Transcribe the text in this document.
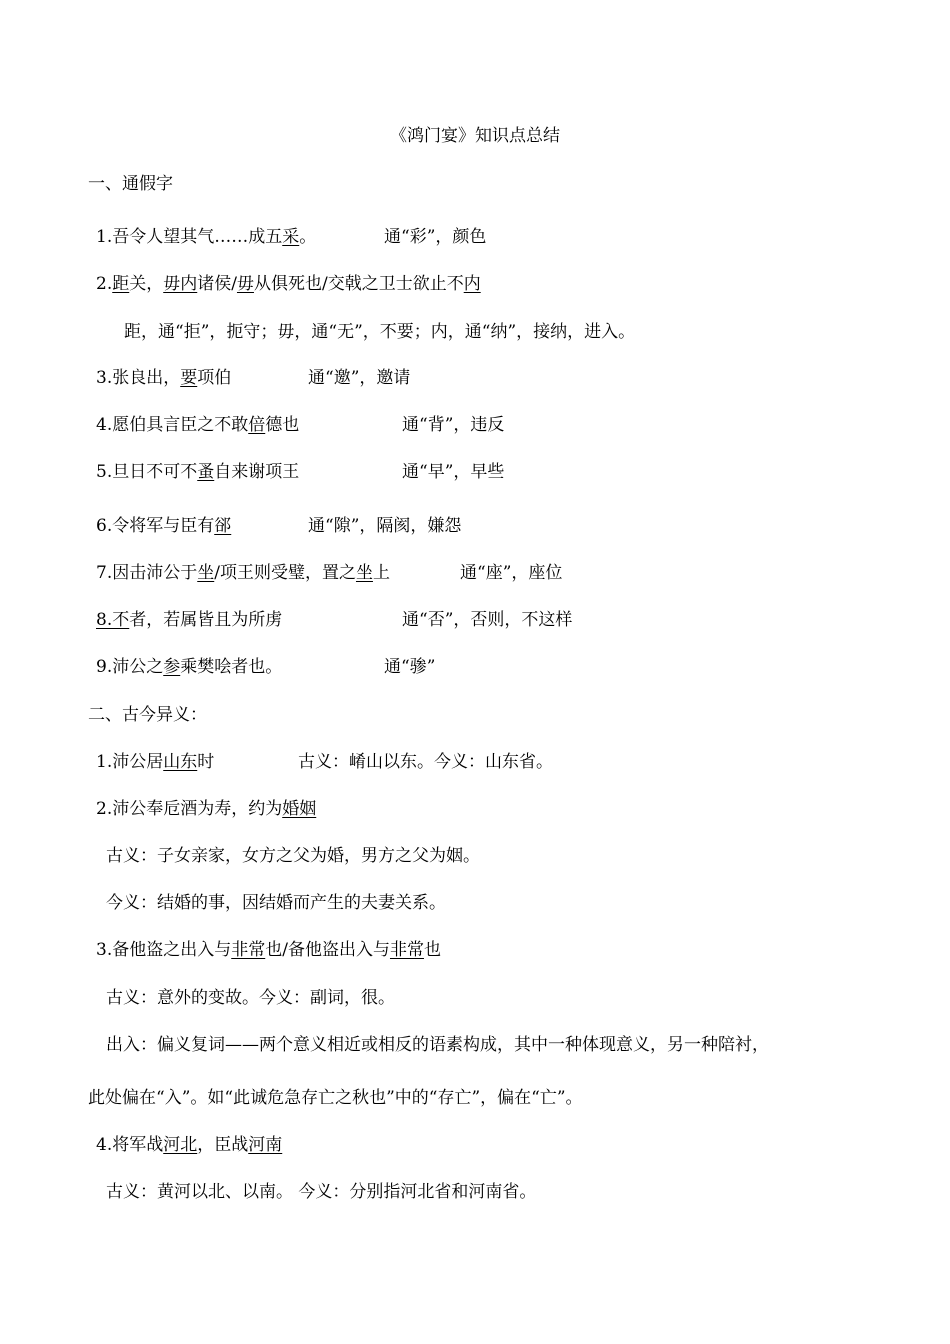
《鸿门宴》知识点总结
一、通假字
1.吾令人望其气……成五采。	通“彩”，颜色
2.距关，毋内诸侯/毋从俱死也/交戟之卫士欲止不内
距，通“拒”，扼守；毋，通“无”，不要；内，通“纳”，接纳，进入。
3.张良出，要项伯	通“邀”，邀请
4.愿伯具言臣之不敢倍德也	通“背”，违反
5.旦日不可不蚤自来谢项王	通“早”，早些
6.令将军与臣有郤	通“隙”，隔阂，嫌怨
7.因击沛公于坐/项王则受璧，置之坐上	通“座”，座位
8.不者，若属皆且为所虏	通“否”，否则，不这样
9.沛公之参乘樊哙者也。	通“骖”
二、古今异义：
1.沛公居山东时	古义：崤山以东。今义：山东省。
2.沛公奉卮酒为寿，约为婚姻
古义：子女亲家，女方之父为婚，男方之父为姻。
今义：结婚的事，因结婚而产生的夫妻关系。
3.备他盗之出入与非常也/备他盗出入与非常也
古义：意外的变故。今义：副词，很。
出入：偏义复词——两个意义相近或相反的语素构成，其中一种体现意义，另一种陪衬，
此处偏在“入”。如“此诚危急存亡之秋也”中的“存亡”，偏在“亡”。
4.将军战河北，臣战河南
古义：黄河以北、以南。 今义：分别指河北省和河南省。
